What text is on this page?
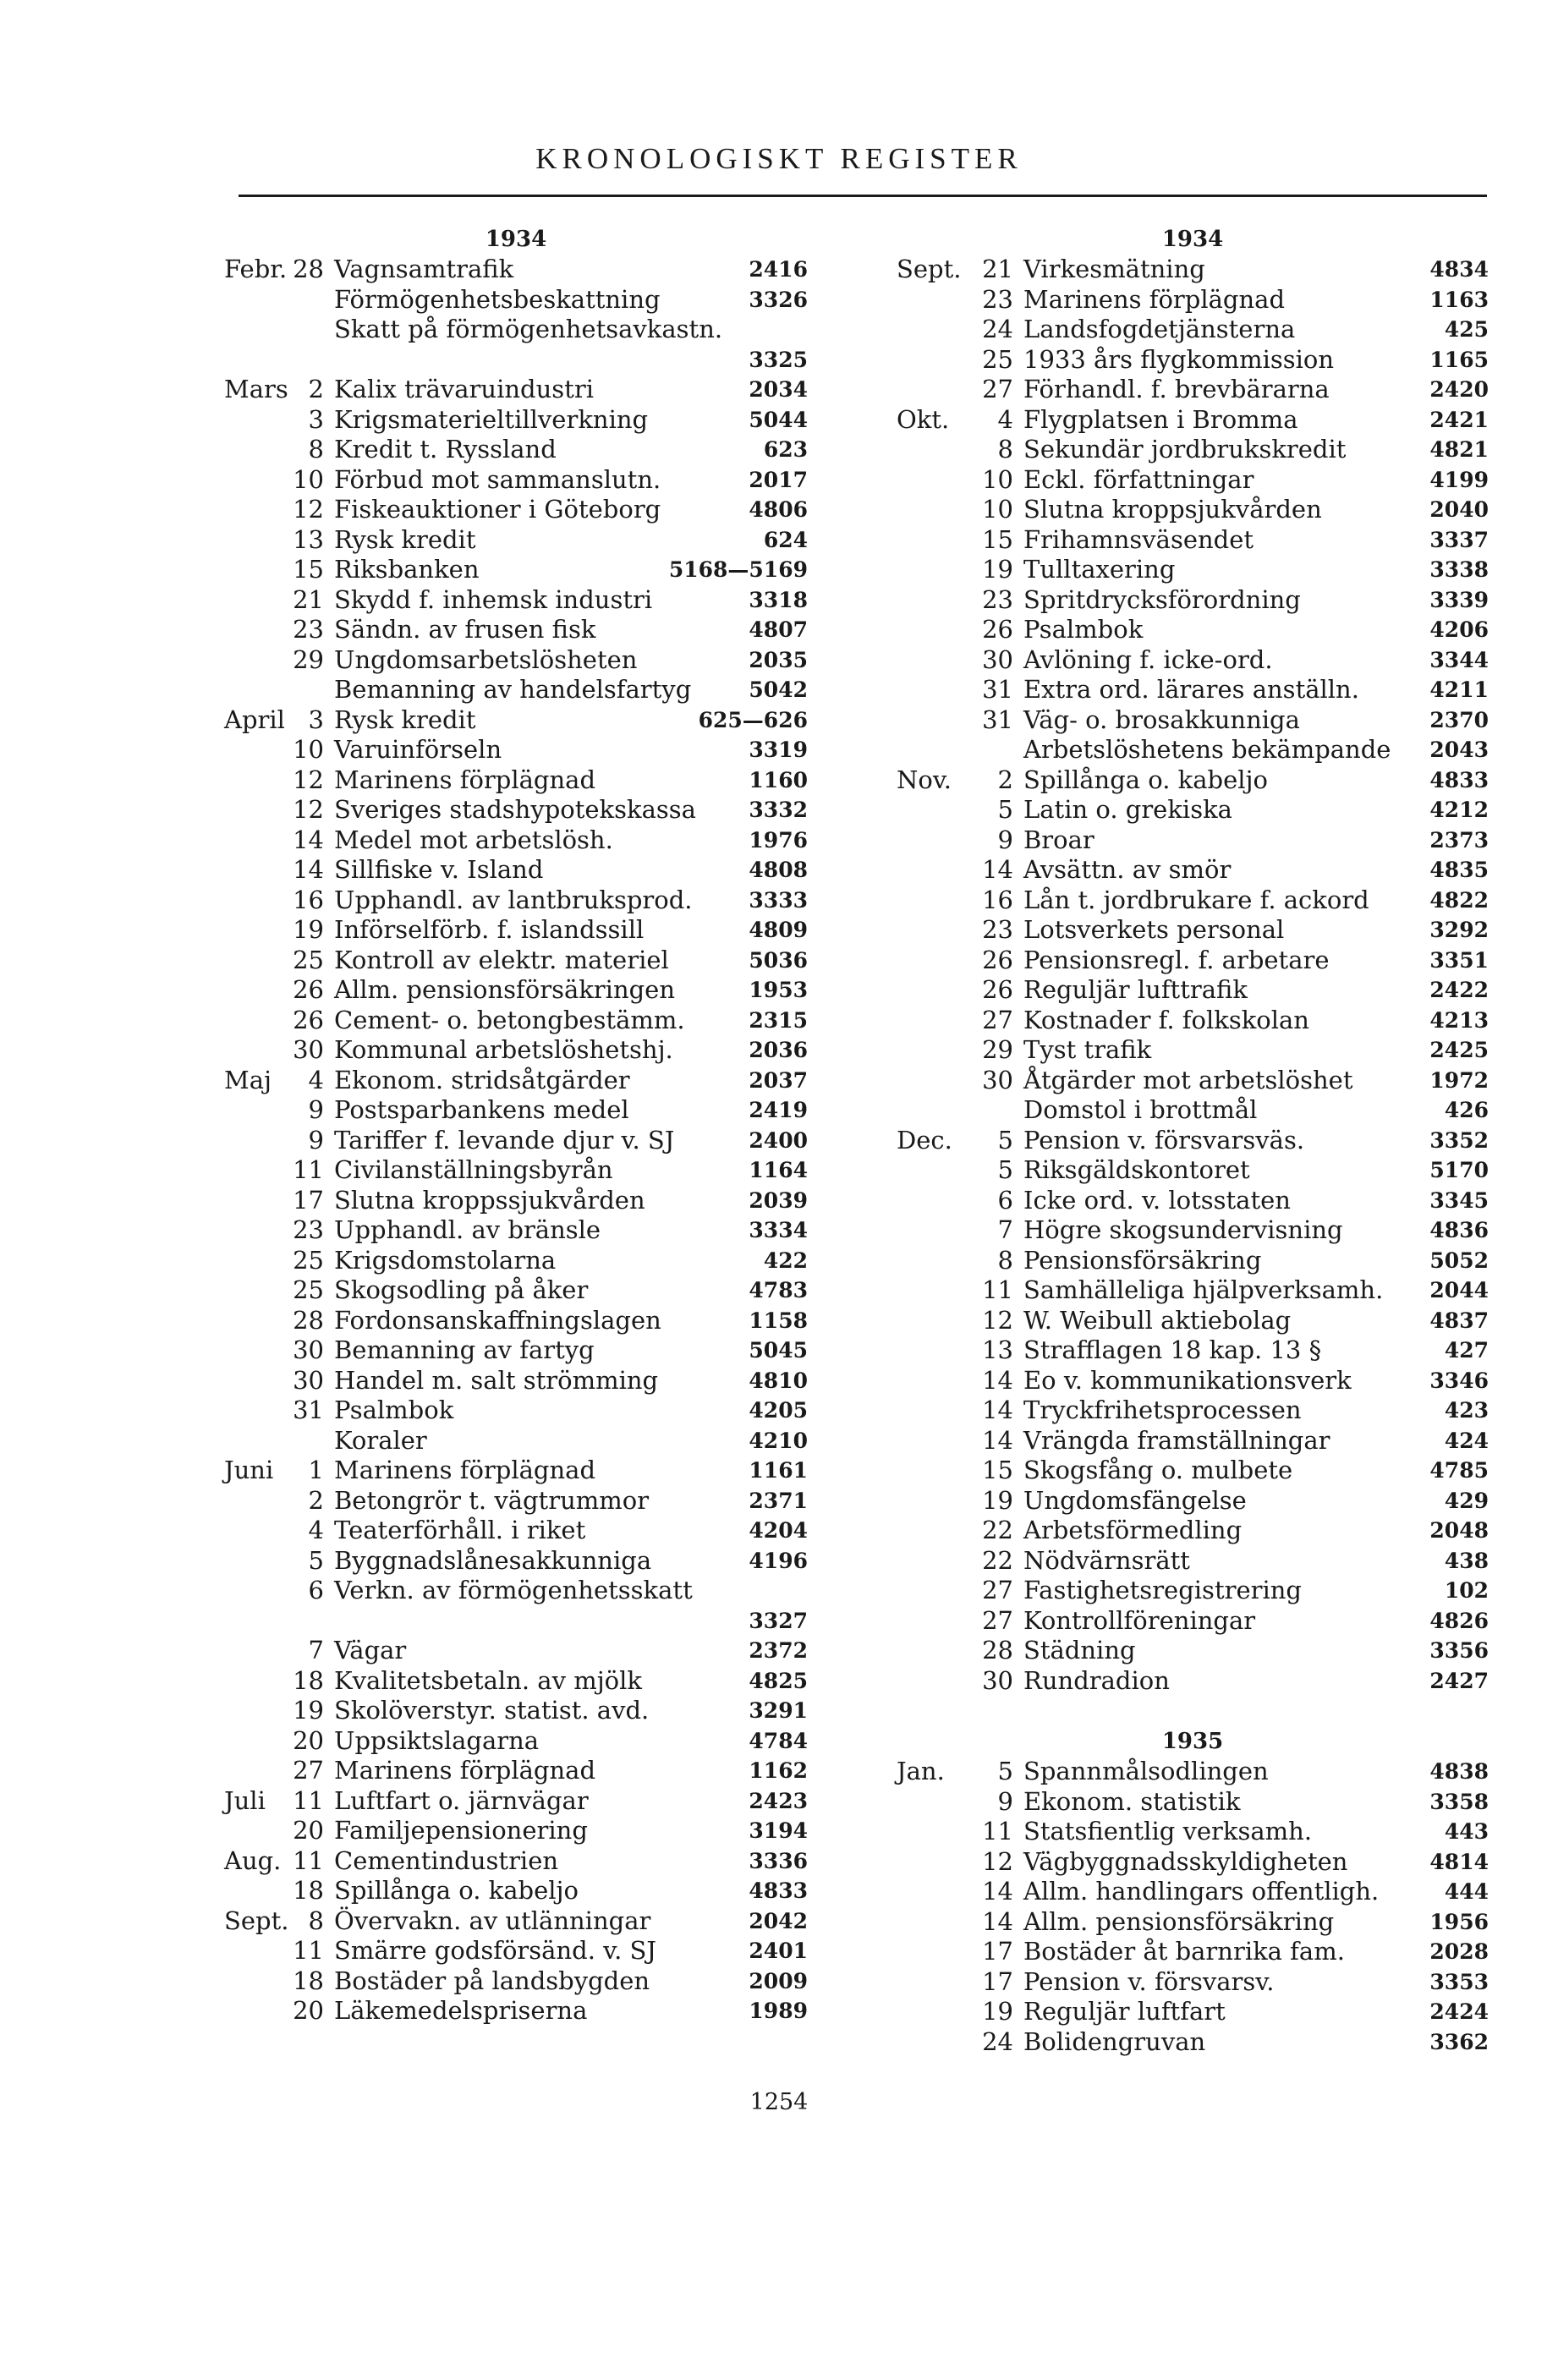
KRONOLOGISKT REGISTER
1934
Febr. 28 Vagnsamtrafik	2416
Förmögenhetsbeskattning	3326
Skatt på förmögenhetsavkastn.
3325
Mars 2 Kalix trävaruindustri	2034
3 Krigsmaterieltillverkning	5044
8 Kredit t. Ryssland	623
10 Förbud mot sammanslutn.	2017
12 Fiskeauktioner i Göteborg	4806
13 Rysk kredit	624
15 Riksbanken	5168—5169
21 Skydd f. inhemsk industri	3318
23 Sändn. av frusen fisk	4807
29 Ungdomsarbetslösheten	2035
Bemanning av handelsfartyg	5042
April 3 Rysk kredit	625—626
10 Varuinförseln	3319
12 Marinens förplägnad	1160
12 Sveriges stadshypotekskassa	3332
14 Medel mot arbetslösh.	1976
14 Sillfiske v. Island	4808
16 Upphandl. av lantbruksprod.	3333
19 Införselförb. f. islandssill	4809
25 Kontroll av elektr. materiel	5036
26 Allm. pensionsförsäkringen	1953
26 Cement- o. betongbestämm.	2315
30 Kommunal arbetslöshetshj.	2036
Maj	4 Ekonom. stridsåtgärder	2037
9 Postsparbankens medel	2419
9 Tariffer f. levande djur v. SJ	2400
11 Civilanställningsbyrån	1164
17 Slutna kroppssjukvården	2039
23 Upphandl. av bränsle	3334
25 Krigsdomstolarna	422
25 Skogsodling på åker	4783
28 Fordonsanskaffningslagen	1158
30 Bemanning av fartyg	5045
30 Handel m. salt strömming	4810
31 Psalmbok	4205
Koraler	4210
Juni	1 Marinens förplägnad	1161
2 Betongrör t. vägtrummor	2371
4 Teaterförhåll. i riket	4204
5 Byggnadslånesakkunniga	4196
6 Verkn. av förmögenhetsskatt
3327
7 Vägar	2372
18 Kvalitetsbetaln. av mjölk	4825
19 Skolöverstyr. statist. avd.	3291
20 Uppsiktslagarna	4784
27 Marinens förplägnad	1162
Juli	11 Luftfart o. järnvägar	2423
20 Familjepensionering	3194
Aug. 11 Cementindustrien	3336
18 Spillånga o. kabeljo	4833
Sept. 8 Övervakn. av utlänningar	2042
11 Smärre godsförsänd. v. SJ	2401
18 Bostäder på landsbygden	2009
20 Läkemedelspriserna	1989
1934
Sept. 21 Virkesmätning	4834
23 Marinens förplägnad	1163
24 Landsfogdetjänsterna	425
25 1933 års flygkommission	1165
27 Förhandl. f. brevbärarna	2420
Okt.	4 Flygplatsen i Bromma	2421
8 Sekundär jordbrukskredit	4821
10 Eckl. författningar	4199
10 Slutna kroppsjukvården	2040
15 Frihamnsväsendet	3337
19 Tulltaxering	3338
23 Spritdrycksförordning	3339
26 Psalmbok	4206
30 Avlöning f. icke-ord.	3344
31 Extra ord. lärares anställn.	4211
31 Väg- o. brosakkunniga	2370
Arbetslöshetens bekämpande	2043
Nov.	2 Spillånga o. kabeljo	4833
5 Latin o. grekiska	4212
9 Broar	2373
14 Avsättn. av smör	4835
16 Lån t. jordbrukare f. ackord	4822
23 Lotsverkets personal	3292
26 Pensionsregl. f. arbetare	3351
26 Reguljär lufttrafik	2422
27 Kostnader f. folkskolan	4213
29 Tyst trafik	2425
30 Åtgärder mot arbetslöshet	1972
Domstol i brottmål	426
Dec.	5 Pension v. försvarsväs.	3352
5 Riksgäldskontoret	5170
6 Icke ord. v. lotsstaten	3345
7 Högre skogsundervisning	4836
8 Pensionsförsäkring	5052
11 Samhälleliga hjälpverksamh.	2044
12 W. Weibull aktiebolag	4837
13 Strafflagen 18 kap. 13 §	427
14 Eo v. kommunikationsverk	3346
14 Tryckfrihetsprocessen	423
14 Vrängda framställningar	424
15 Skogsfång o. mulbete	4785
19 Ungdomsfängelse	429
22 Arbetsförmedling	2048
22 Nödvärnsrätt	438
27 Fastighetsregistrering	102
27 Kontrollföreningar	4826
28 Städning	3356
30 Rundradion	2427
1935
Jan.	5 Spannmålsodlingen	4838
9 Ekonom. statistik	3358
11 Statsfientlig verksamh.	443
12 Vägbyggnadsskyldigheten	4814
14 Allm. handlingars offentligh.	444
14 Allm. pensionsförsäkring	1956
17 Bostäder åt barnrika fam.	2028
17 Pension v. försvarsv.	3353
19 Reguljär luftfart	2424
24 Bolidengruvan	3362
1254
